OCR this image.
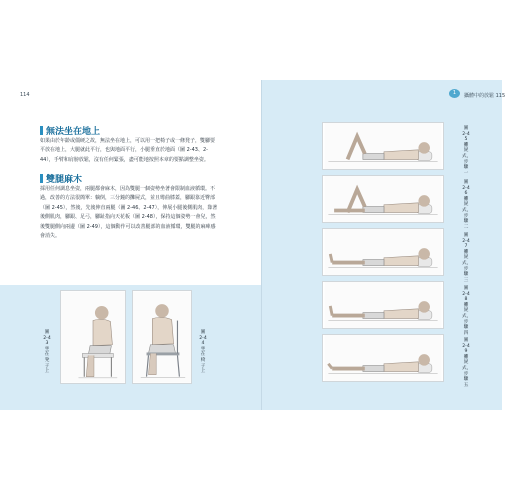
114	1	攝體中的放鬆 115
無法坐在地上
如果由於年齡或僵硬之故，無法坐在地上，可以用一把椅子或一條凳子，雙腳要平放在地上，大腿就此平行，也與地面平行，小腿垂直於地面（圖 2-43、2-44），手臂和肩膀放鬆，沒有任何緊張，盡可能地按照本章的要點調整坐姿。
雙腿麻木
採用任何調息坐姿，兩腿都會麻木，因為雙腿一個姿勢坐著會限制血液循環。不過，改善的方法很簡單：躺倒，三分鐘的攤屍式，並且彎曲膝蓋，腳跟靠近臀部（圖 2-45），然後，先後伸直兩腿（圖 2-46、2-47），伸展小腿後側肌肉，聳著後側肌肉，腳跟、足弓，腳趾指向天花板（圖 2-48），保持這個姿勢一會兒，然後雙腿側向兩邊（圖 2-49），這個動作可以改善腿部的血液循環，雙腿的麻痺感會消失。
圖 2-43 坐在凳子上
圖 2-44 坐在椅子上
圖 2-45 攤屍式，步驟一
圖 2-46 攤屍式，步驟二
圖 2-47 攤屍式，步驟三
圖 2-48 攤屍式，步驟四
圖 2-49 攤屍式，步驟五
